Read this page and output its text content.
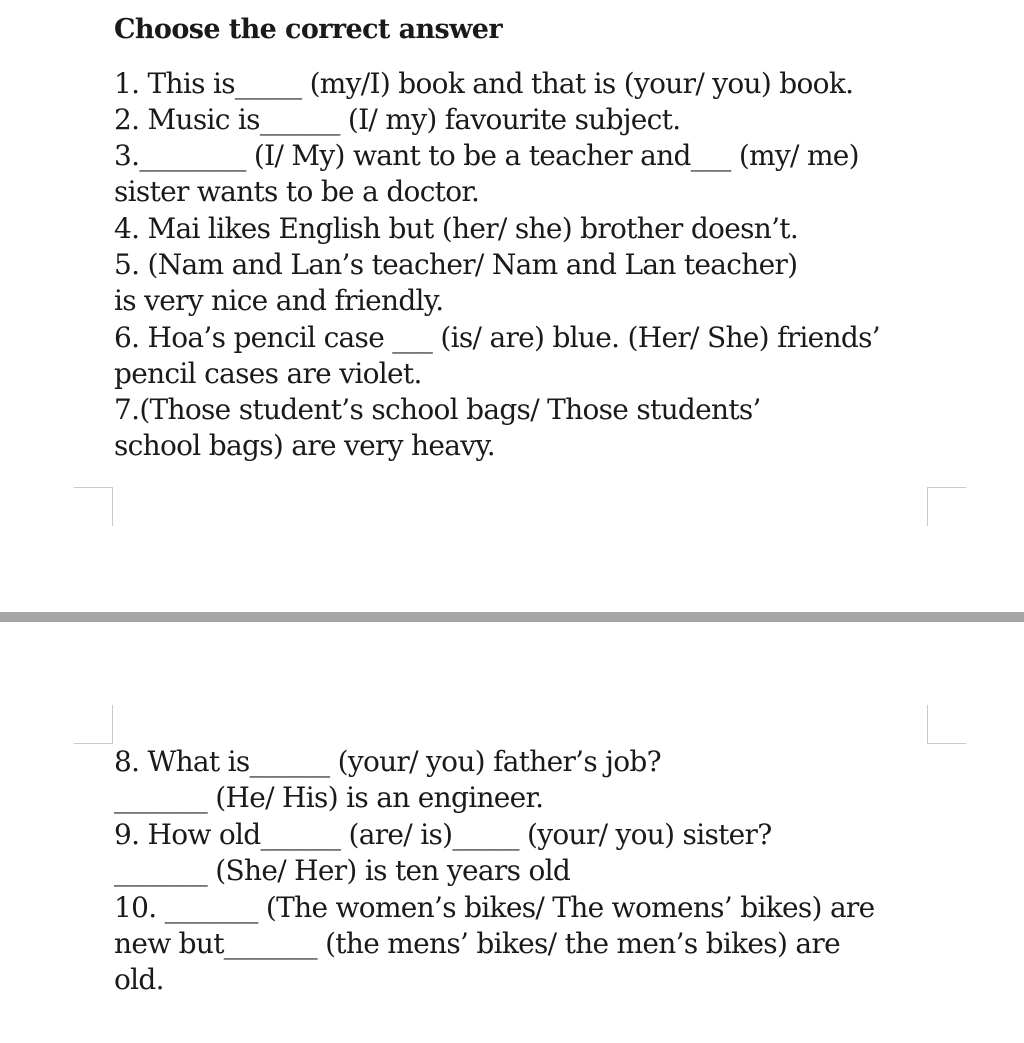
Choose the correct answer
1. This is_____ (my/I) book and that is (your/ you) book.
2. Music is______ (I/ my) favourite subject.
3.________ (I/ My) want to be a teacher and___ (my/ me)
sister wants to be a doctor.
4. Mai likes English but (her/ she) brother doesn’t.
5. (Nam and Lan’s teacher/ Nam and Lan teacher)
is very nice and friendly.
6. Hoa’s pencil case ___ (is/ are) blue. (Her/ She) friends’
pencil cases are violet.
7.(Those student’s school bags/ Those students’
school bags) are very heavy.
8. What is______ (your/ you) father’s job?
_______ (He/ His) is an engineer.
9. How old______ (are/ is)_____ (your/ you) sister?
_______ (She/ Her) is ten years old
10. _______ (The women’s bikes/ The womens’ bikes) are
new but_______ (the mens’ bikes/ the men’s bikes) are
old.
